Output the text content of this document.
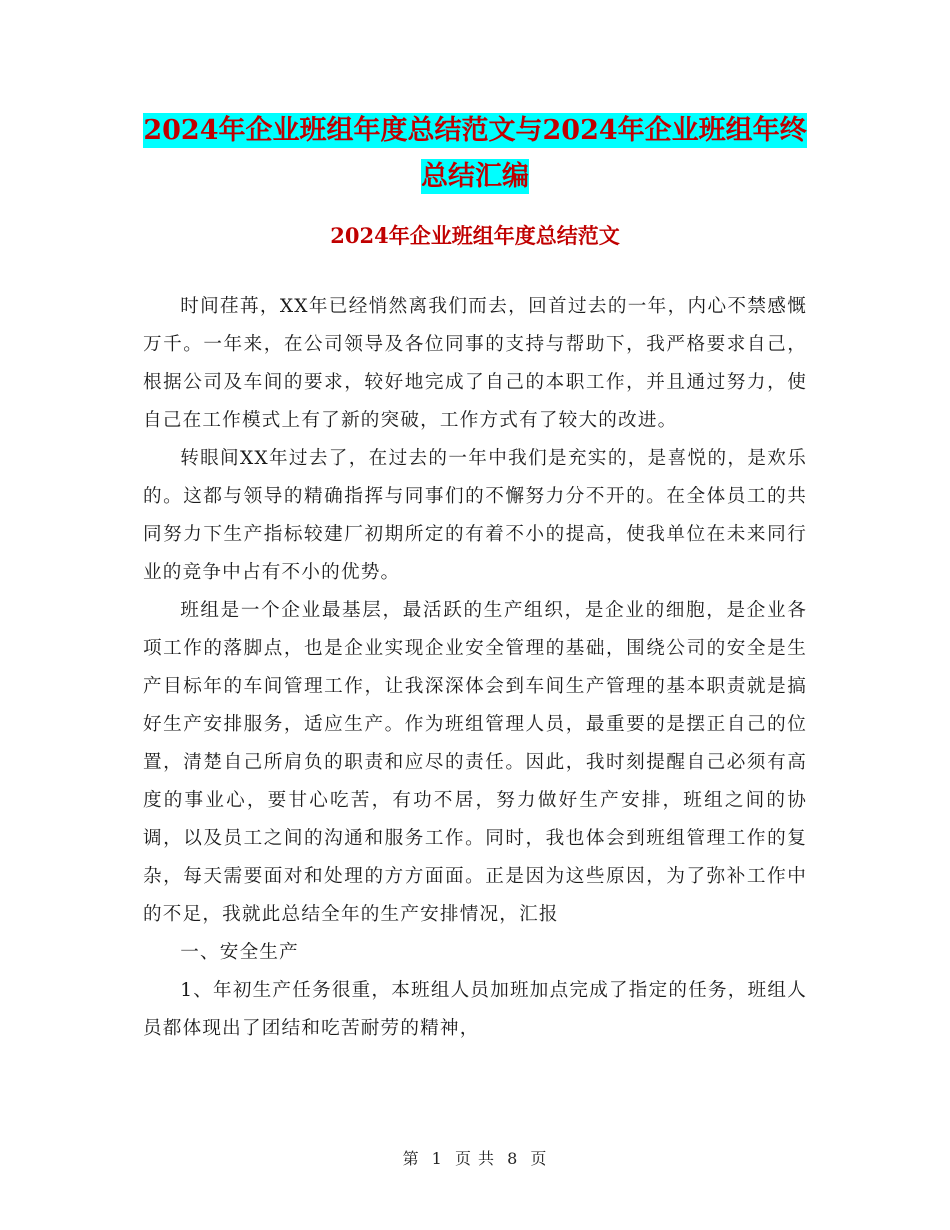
2024年企业班组年度总结范文与2024年企业班组年终
总结汇编
2024年企业班组年度总结范文

时间荏苒，XX年已经悄然离我们而去，回首过去的一年，内心不禁感慨万千。一年来，在公司领导及各位同事的支持与帮助下，我严格要求自己，根据公司及车间的要求，较好地完成了自己的本职工作，并且通过努力，使自己在工作模式上有了新的突破，工作方式有了较大的改进。

转眼间XX年过去了，在过去的一年中我们是充实的，是喜悦的，是欢乐的。这都与领导的精确指挥与同事们的不懈努力分不开的。在全体员工的共同努力下生产指标较建厂初期所定的有着不小的提高，使我单位在未来同行业的竞争中占有不小的优势。

班组是一个企业最基层，最活跃的生产组织，是企业的细胞，是企业各项工作的落脚点，也是企业实现企业安全管理的基础，围绕公司的安全是生产目标年的车间管理工作，让我深深体会到车间生产管理的基本职责就是搞好生产安排服务，适应生产。作为班组管理人员，最重要的是摆正自己的位置，清楚自己所肩负的职责和应尽的责任。因此，我时刻提醒自己必须有高度的事业心，要甘心吃苦，有功不居，努力做好生产安排，班组之间的协调，以及员工之间的沟通和服务工作。同时，我也体会到班组管理工作的复杂，每天需要面对和处理的方方面面。正是因为这些原因，为了弥补工作中的不足，我就此总结全年的生产安排情况，汇报

一、安全生产

1、年初生产任务很重，本班组人员加班加点完成了指定的任务，班组人员都体现出了团结和吃苦耐劳的精神，

第 1 页 共 8 页
